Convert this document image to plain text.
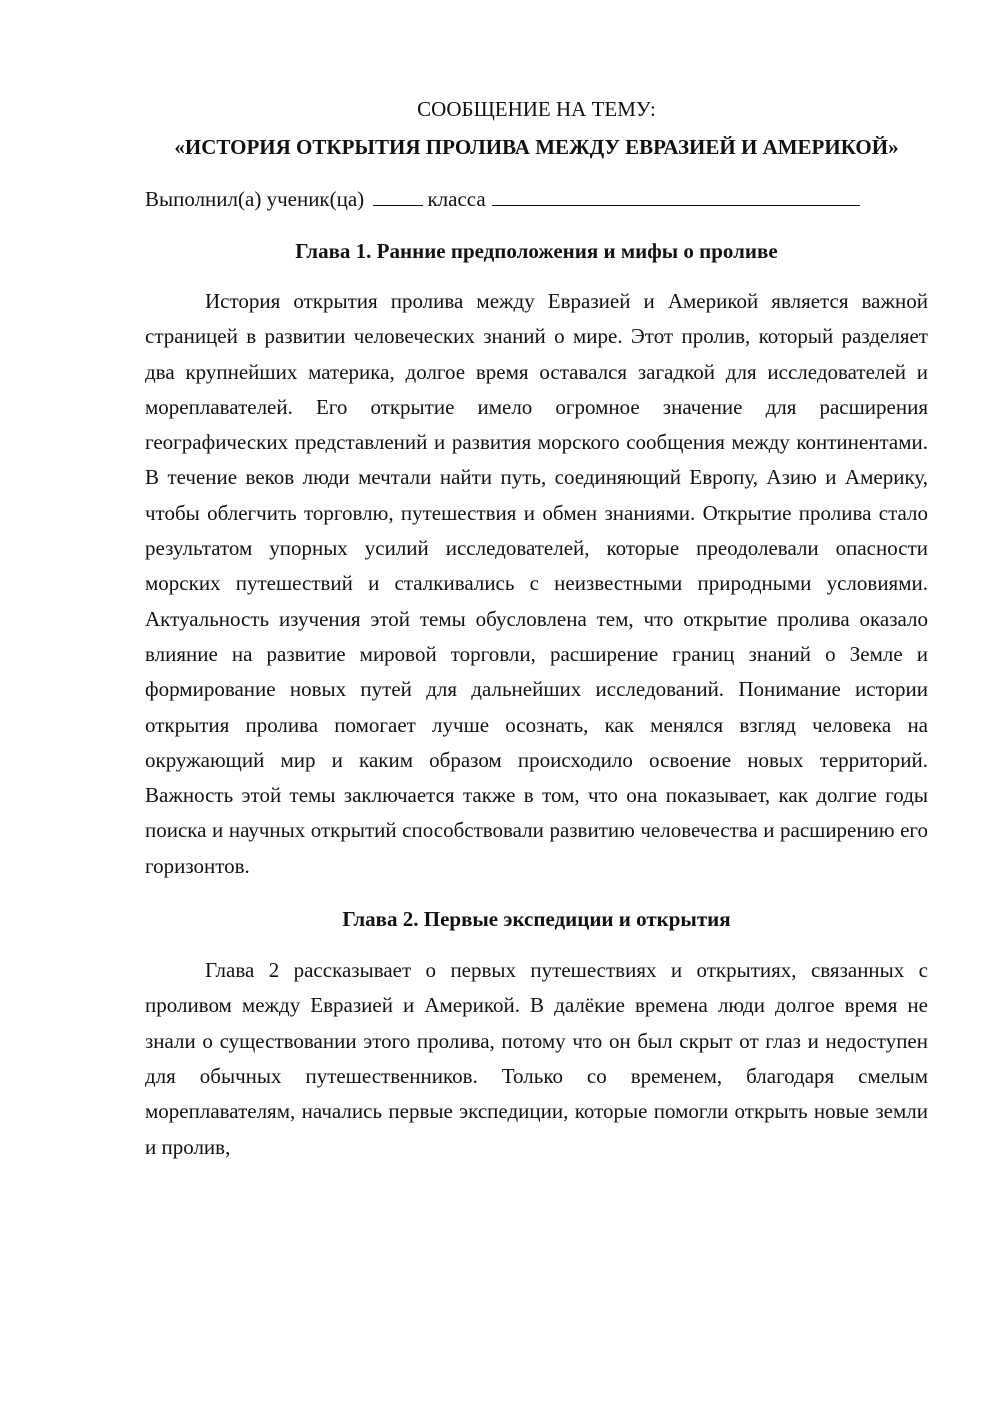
СООБЩЕНИЕ НА ТЕМУ:

«ИСТОРИЯ ОТКРЫТИЯ ПРОЛИВА МЕЖДУ ЕВРАЗИЕЙ И АМЕРИКОЙ»

Выполнил(а) ученик(ца)	класса

Глава 1. Ранние предположения и мифы о проливе

История открытия пролива между Евразией и Америкой является важной страницей в развитии человеческих знаний о мире. Этот пролив, который разделяет два крупнейших материка, долгое время оставался загадкой для исследователей и мореплавателей. Его открытие имело огромное значение для расширения географических представлений и развития морского сообщения между континентами. В течение веков люди мечтали найти путь, соединяющий Европу, Азию и Америку, чтобы облегчить торговлю, путешествия и обмен знаниями. Открытие пролива стало результатом упорных усилий исследователей, которые преодолевали опасности морских путешествий и сталкивались с неизвестными природными условиями. Актуальность изучения этой темы обусловлена тем, что открытие пролива оказало влияние на развитие мировой торговли, расширение границ знаний о Земле и формирование новых путей для дальнейших исследований. Понимание истории открытия пролива помогает лучше осознать, как менялся взгляд человека на окружающий мир и каким образом происходило освоение новых территорий. Важность этой темы заключается также в том, что она показывает, как долгие годы поиска и научных открытий способствовали развитию человечества и расширению его горизонтов.

Глава 2. Первые экспедиции и открытия

Глава 2 рассказывает о первых путешествиях и открытиях, связанных с проливом между Евразией и Америкой. В далёкие времена люди долгое время не знали о существовании этого пролива, потому что он был скрыт от глаз и недоступен для обычных путешественников. Только со временем, благодаря смелым мореплавателям, начались первые экспедиции, которые помогли открыть новые земли и пролив,
